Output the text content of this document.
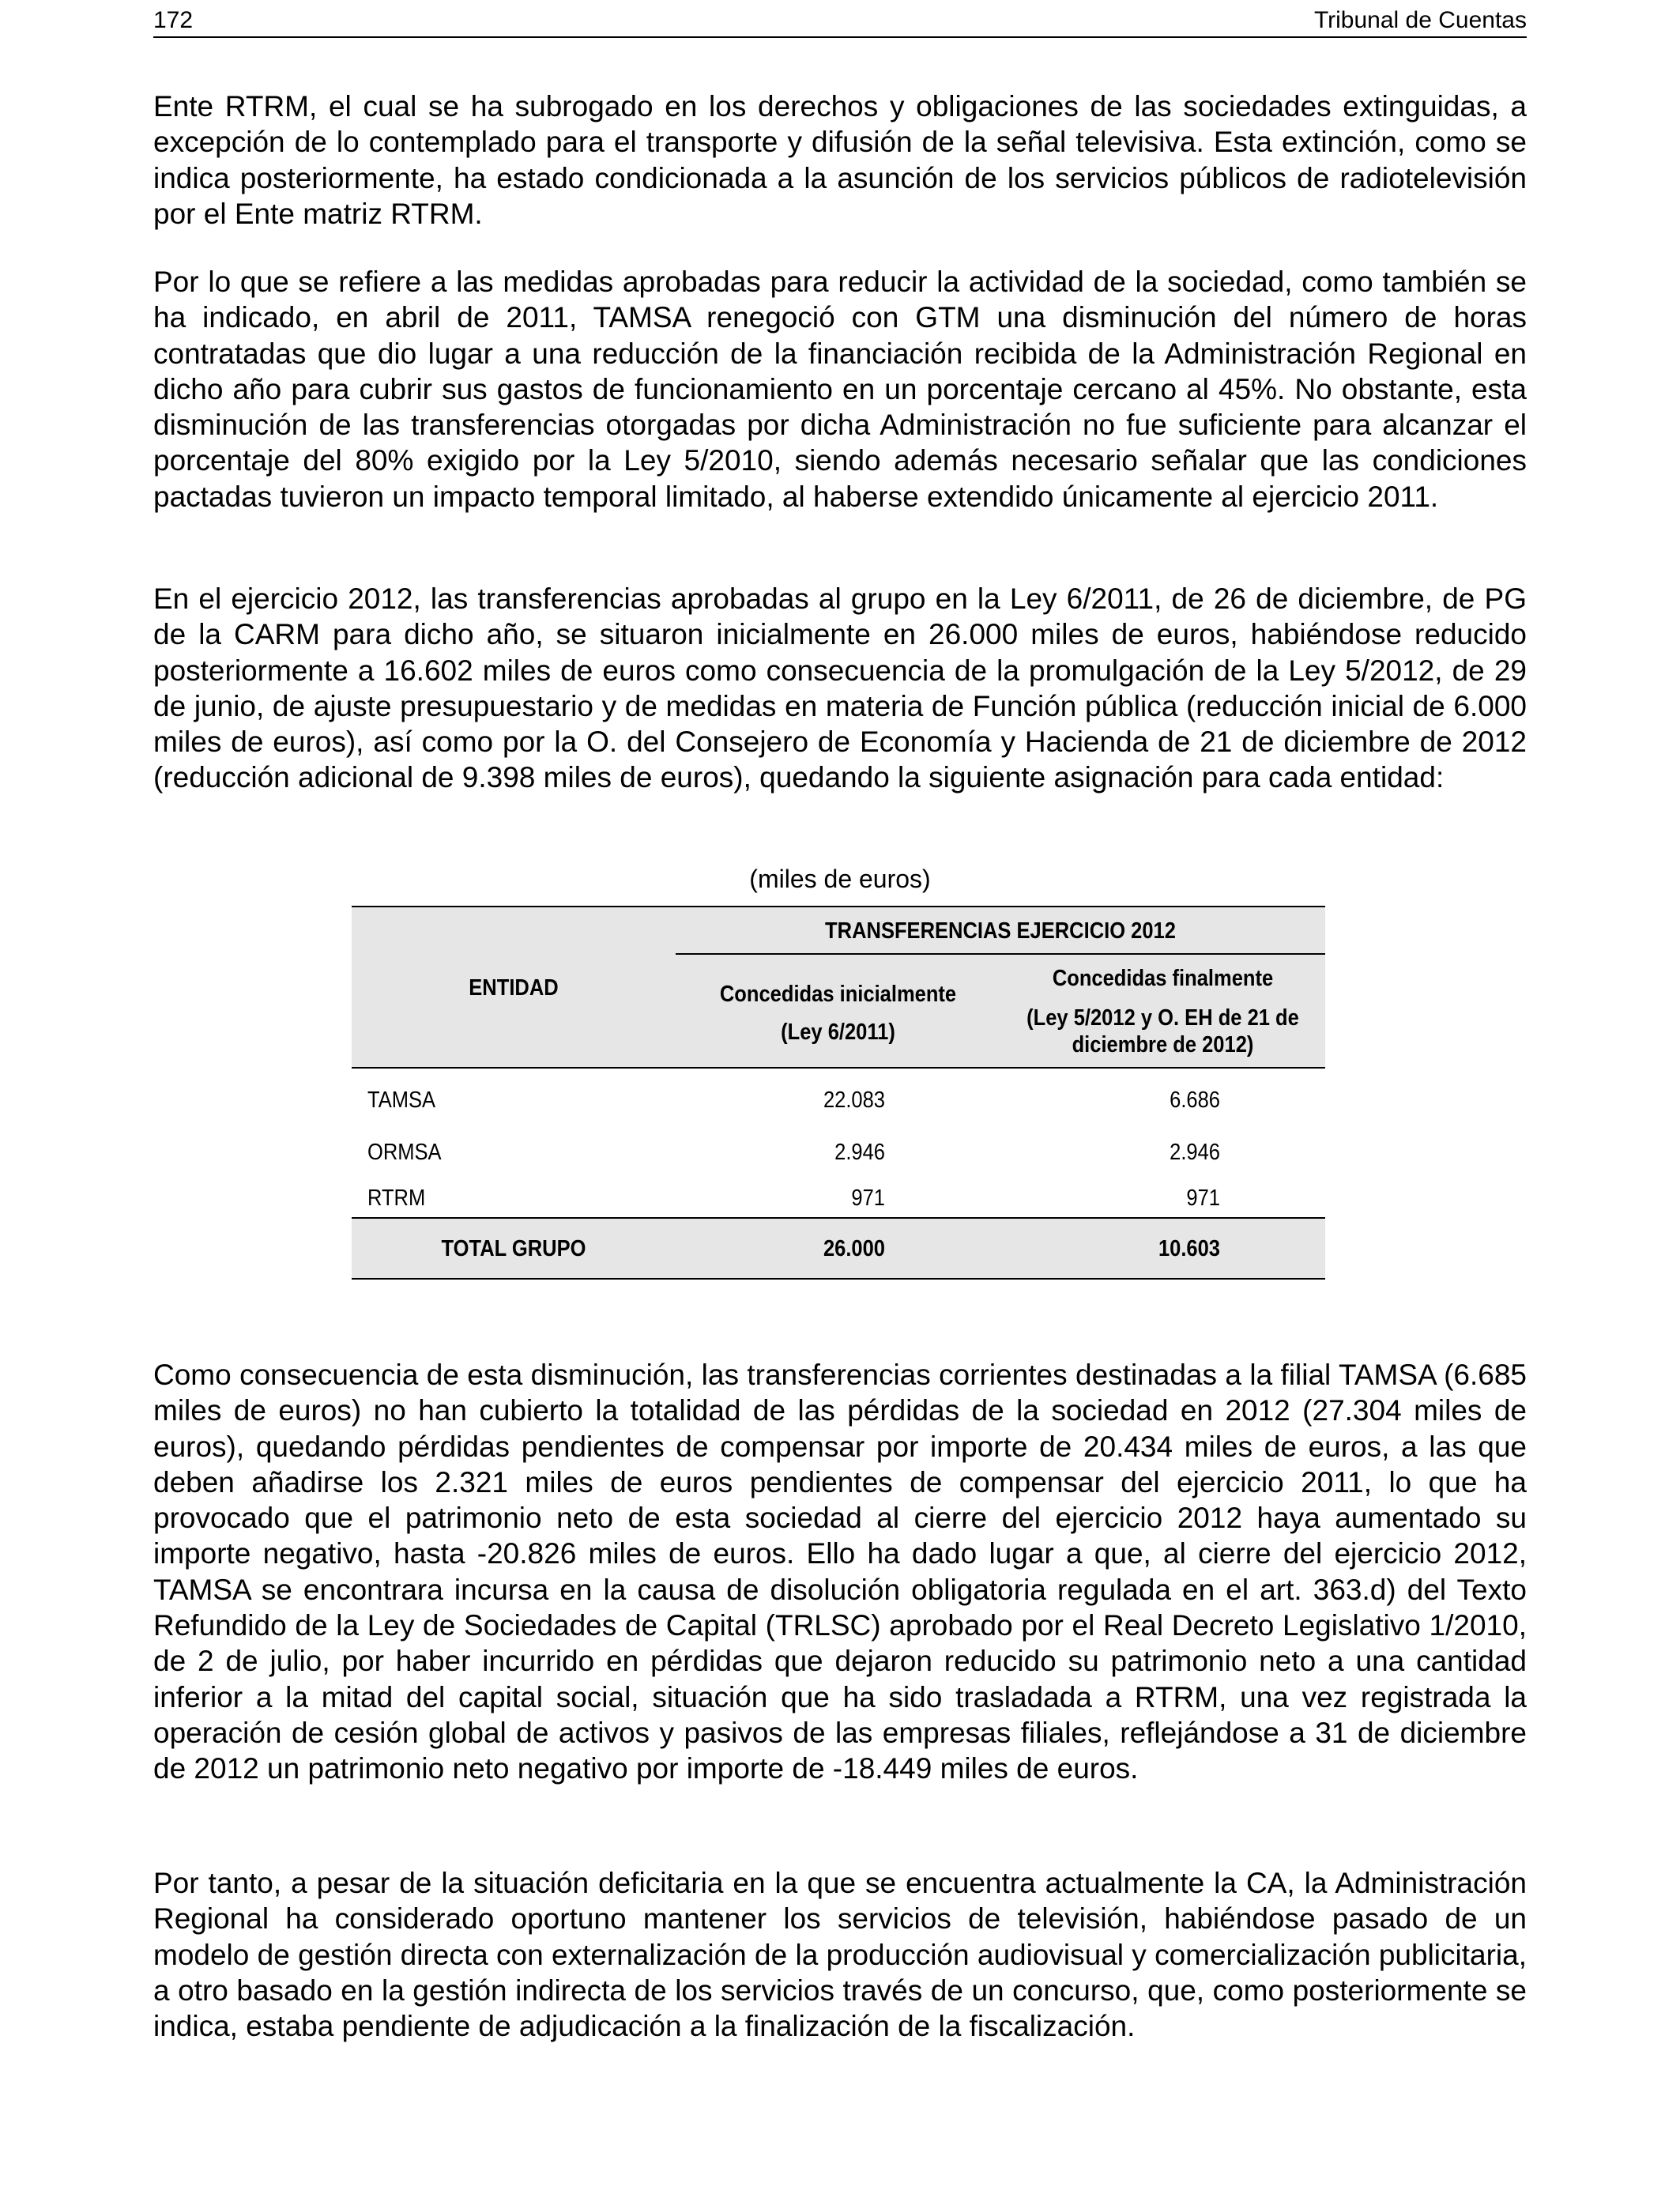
172	Tribunal de Cuentas

Ente RTRM, el cual se ha subrogado en los derechos y obligaciones de las sociedades extinguidas, a excepción de lo contemplado para el transporte y difusión de la señal televisiva. Esta extinción, como se indica posteriormente, ha estado condicionada a la asunción de los servicios públicos de radiotelevisión por el Ente matriz RTRM.

Por lo que se refiere a las medidas aprobadas para reducir la actividad de la sociedad, como también se ha indicado, en abril de 2011, TAMSA renegoció con GTM una disminución del número de horas contratadas que dio lugar a una reducción de la financiación recibida de la Administración Regional en dicho año para cubrir sus gastos de funcionamiento en un porcentaje cercano al 45%. No obstante, esta disminución de las transferencias otorgadas por dicha Administración no fue suficiente para alcanzar el porcentaje del 80% exigido por la Ley 5/2010, siendo además necesario señalar que las condiciones pactadas tuvieron un impacto temporal limitado, al haberse extendido únicamente al ejercicio 2011.

En el ejercicio 2012, las transferencias aprobadas al grupo en la Ley 6/2011, de 26 de diciembre, de PG de la CARM para dicho año, se situaron inicialmente en 26.000 miles de euros, habiéndose reducido posteriormente a 16.602 miles de euros como consecuencia de la promulgación de la Ley 5/2012, de 29 de junio, de ajuste presupuestario y de medidas en materia de Función pública (reducción inicial de 6.000 miles de euros), así como por la O. del Consejero de Economía y Hacienda de 21 de diciembre de 2012 (reducción adicional de 9.398 miles de euros), quedando la siguiente asignación para cada entidad:

(miles de euros)
ENTIDAD
TRANSFERENCIAS EJERCICIO 2012
Concedidas inicialmente
(Ley 6/2011)
Concedidas finalmente
(Ley 5/2012 y O. EH de 21 de
diciembre de 2012)
TAMSA	22.083	6.686
ORMSA	2.946	2.946
RTRM	971	971
TOTAL GRUPO	26.000	10.603

Como consecuencia de esta disminución, las transferencias corrientes destinadas a la filial TAMSA (6.685 miles de euros) no han cubierto la totalidad de las pérdidas de la sociedad en 2012 (27.304 miles de euros), quedando pérdidas pendientes de compensar por importe de 20.434 miles de euros, a las que deben añadirse los 2.321 miles de euros pendientes de compensar del ejercicio 2011, lo que ha provocado que el patrimonio neto de esta sociedad al cierre del ejercicio 2012 haya aumentado su importe negativo, hasta -20.826 miles de euros. Ello ha dado lugar a que, al cierre del ejercicio 2012, TAMSA se encontrara incursa en la causa de disolución obligatoria regulada en el art. 363.d) del Texto Refundido de la Ley de Sociedades de Capital (TRLSC) aprobado por el Real Decreto Legislativo 1/2010, de 2 de julio, por haber incurrido en pérdidas que dejaron reducido su patrimonio neto a una cantidad inferior a la mitad del capital social, situación que ha sido trasladada a RTRM, una vez registrada la operación de cesión global de activos y pasivos de las empresas filiales, reflejándose a 31 de diciembre de 2012 un patrimonio neto negativo por importe de -18.449 miles de euros.

Por tanto, a pesar de la situación deficitaria en la que se encuentra actualmente la CA, la Administración Regional ha considerado oportuno mantener los servicios de televisión, habiéndose pasado de un modelo de gestión directa con externalización de la producción audiovisual y comercialización publicitaria, a otro basado en la gestión indirecta de los servicios través de un concurso, que, como posteriormente se indica, estaba pendiente de adjudicación a la finalización de la fiscalización.
